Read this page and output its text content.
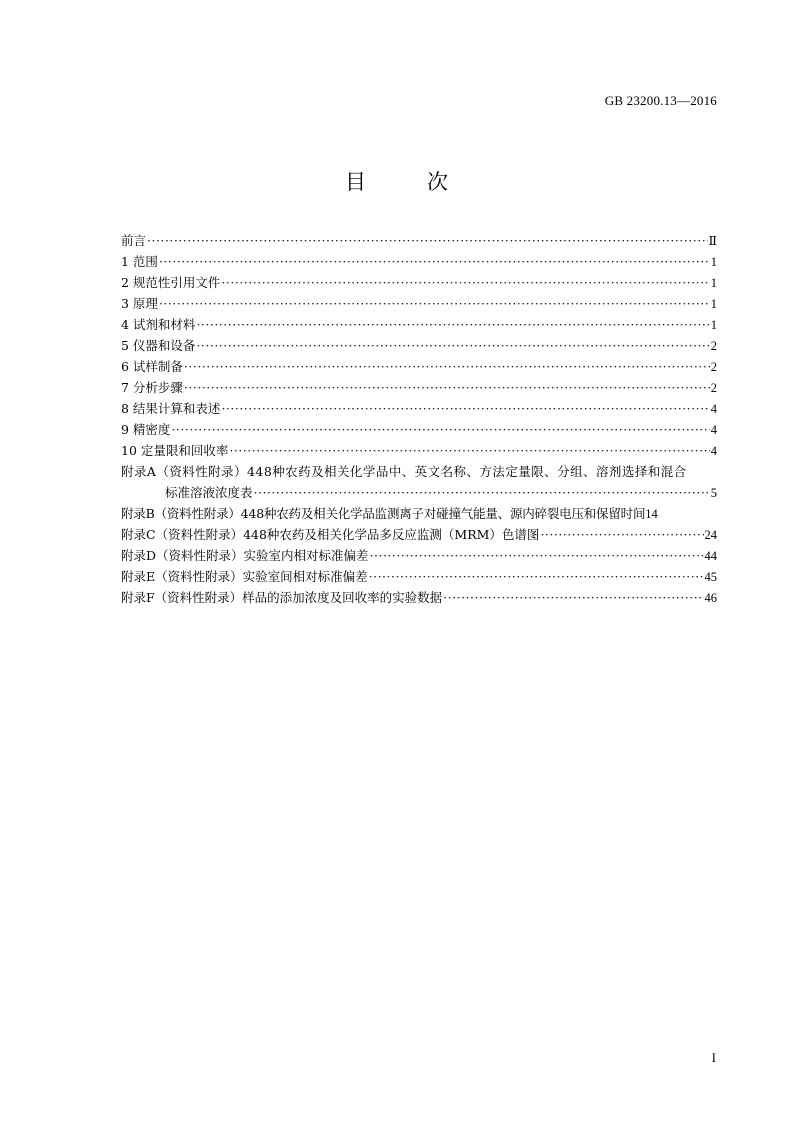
GB 23200.13—2016
目　次
前言 ·····	Ⅱ
1 范围 ·····	1
2 规范性引用文件 ·····	1
3 原理 ·····	1
4 试剂和材料 ·····	1
5 仪器和设备 ·····	2
6 试样制备 ·····	2
7 分析步骤 ·····	2
8 结果计算和表述 ·····	4
9 精密度 ·····	4
10 定量限和回收率 ·····	4
附录A（资料性附录）448种农药及相关化学品中、英文名称、方法定量限、分组、溶剂选择和混合
标准溶液浓度表 ·····	5
附录B（资料性附录）448种农药及相关化学品监测离子对碰撞气能量、源内碎裂电压和保留时间 14
附录C（资料性附录）448种农药及相关化学品多反应监测（MRM）色谱图 ·····	24
附录D（资料性附录）实验室内相对标准偏差 ·····	44
附录E（资料性附录）实验室间相对标准偏差 ·····	45
附录F（资料性附录）样品的添加浓度及回收率的实验数据 ·····	46
I
